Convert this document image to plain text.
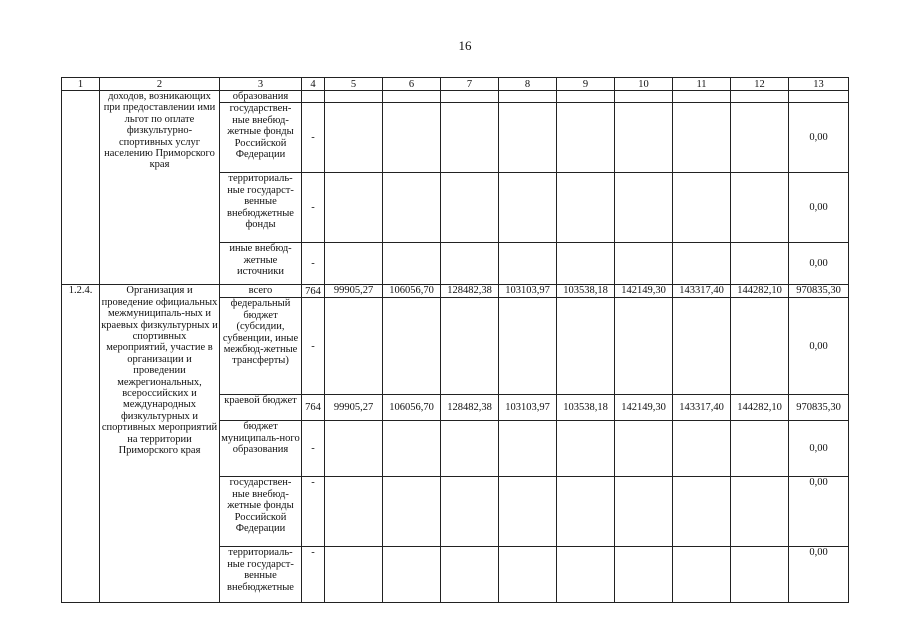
16
1	2	3	4	5	6	7	8	9	10	11	12	13
	доходов, возникающих при предоставлении ими льгот по оплате физкультурно-спортивных услуг населению Приморского края	образования										
		государствен-ные внебюд-жетные фонды Российской Федерации	-									0,00
		территориаль-ные государст-венные внебюджетные фонды	-									0,00
		иные внебюд-жетные источники	-									0,00
1.2.4.	Организация и проведение официальных межмуниципаль-ных и краевых физкультурных и спортивных мероприятий, участие в организации и проведении межрегиональных, всероссийских и международных физкультурных и спортивных мероприятий на территории Приморского края	всего	764	99905,27	106056,70	128482,38	103103,97	103538,18	142149,30	143317,40	144282,10	970835,30
		федеральный бюджет (субсидии, субвенции, иные межбюд-жетные трансферты)	-									0,00
		краевой бюджет	764	99905,27	106056,70	128482,38	103103,97	103538,18	142149,30	143317,40	144282,10	970835,30
		бюджет муниципаль-ного образования	-									0,00
		государствен-ные внебюд-жетные фонды Российской Федерации	-									0,00
		территориаль-ные государст-венные внебюджетные	-									0,00
